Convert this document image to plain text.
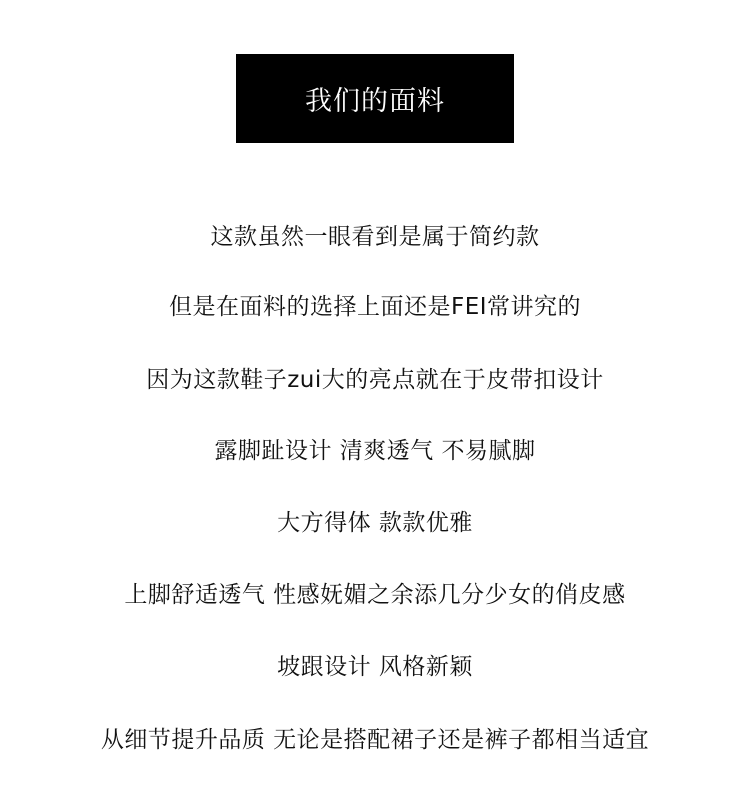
我们的面料
这款虽然一眼看到是属于简约款
但是在面料的选择上面还是FEI常讲究的
因为这款鞋子zui大的亮点就在于皮带扣设计
露脚趾设计 清爽透气 不易腻脚
大方得体 款款优雅
上脚舒适透气 性感妩媚之余添几分少女的俏皮感
坡跟设计 风格新颖
从细节提升品质 无论是搭配裙子还是裤子都相当适宜
